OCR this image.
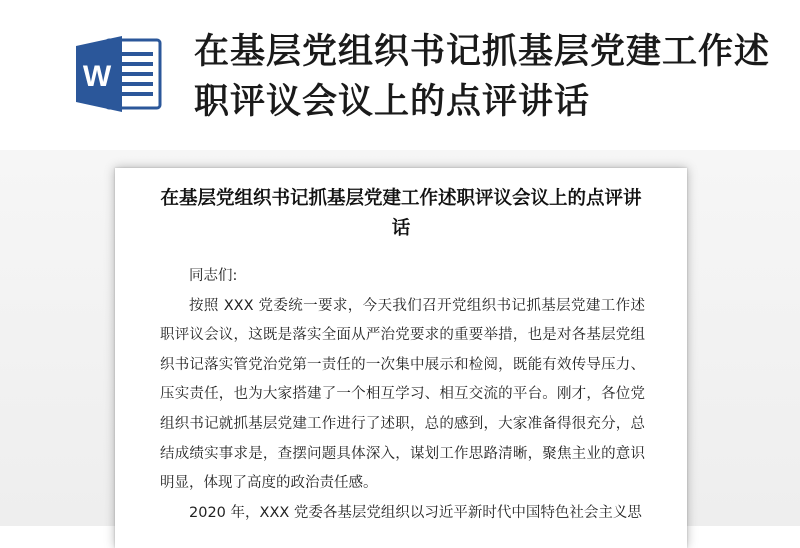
W
在基层党组织书记抓基层党建工作述职评议会议上的点评讲话
在基层党组织书记抓基层党建工作述职评议会议上的点评讲话

同志们:

按照 XXX 党委统一要求，今天我们召开党组织书记抓基层党建工作述职评议会议，这既是落实全面从严治党要求的重要举措，也是对各基层党组织书记落实管党治党第一责任的一次集中展示和检阅，既能有效传导压力、压实责任，也为大家搭建了一个相互学习、相互交流的平台。刚才，各位党组织书记就抓基层党建工作进行了述职，总的感到，大家准备得很充分，总结成绩实事求是，查摆问题具体深入，谋划工作思路清晰，聚焦主业的意识明显，体现了高度的政治责任感。

2020 年，XXX 党委各基层党组织以习近平新时代中国特色社会主义思
